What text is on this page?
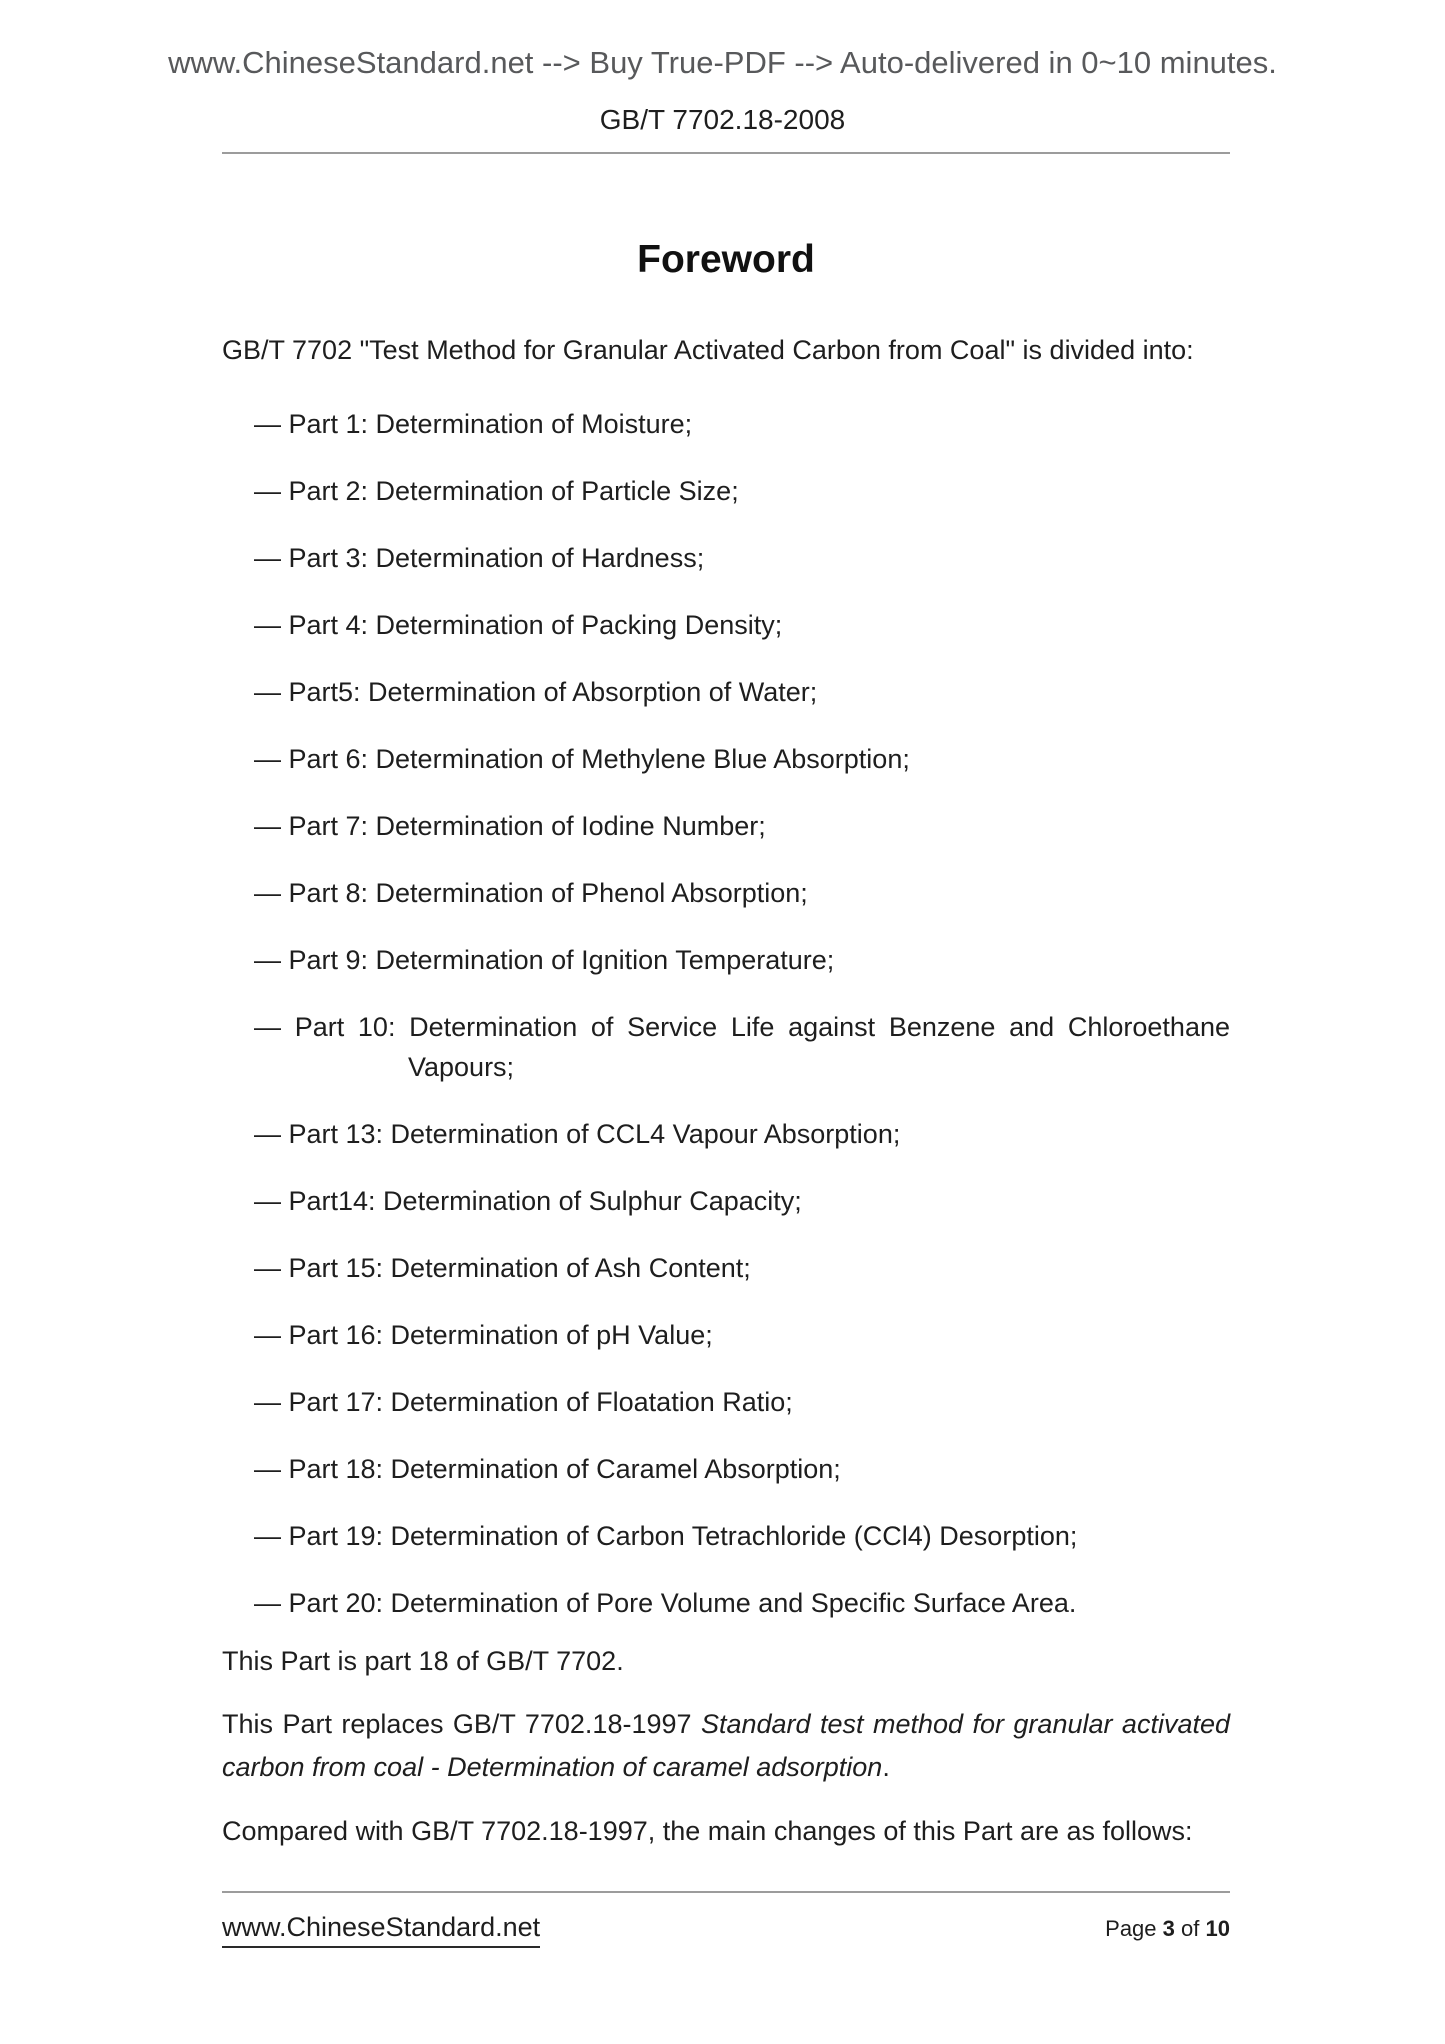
www.ChineseStandard.net --> Buy True-PDF --> Auto-delivered in 0~10 minutes.
GB/T 7702.18-2008
Foreword
GB/T 7702 "Test Method for Granular Activated Carbon from Coal" is divided into:
— Part 1: Determination of Moisture;
— Part 2: Determination of Particle Size;
— Part 3: Determination of Hardness;
— Part 4: Determination of Packing Density;
— Part5: Determination of Absorption of Water;
— Part 6: Determination of Methylene Blue Absorption;
— Part 7: Determination of Iodine Number;
— Part 8: Determination of Phenol Absorption;
— Part 9: Determination of Ignition Temperature;
— Part 10: Determination of Service Life against Benzene and Chloroethane
Vapours;
— Part 13: Determination of CCL4 Vapour Absorption;
— Part14: Determination of Sulphur Capacity;
— Part 15: Determination of Ash Content;
— Part 16: Determination of pH Value;
— Part 17: Determination of Floatation Ratio;
— Part 18: Determination of Caramel Absorption;
— Part 19: Determination of Carbon Tetrachloride (CCl4) Desorption;
— Part 20: Determination of Pore Volume and Specific Surface Area.
This Part is part 18 of GB/T 7702.
This Part replaces GB/T 7702.18-1997 Standard test method for granular activated
carbon from coal - Determination of caramel adsorption.
Compared with GB/T 7702.18-1997, the main changes of this Part are as follows:
www.ChineseStandard.net	Page 3 of 10
